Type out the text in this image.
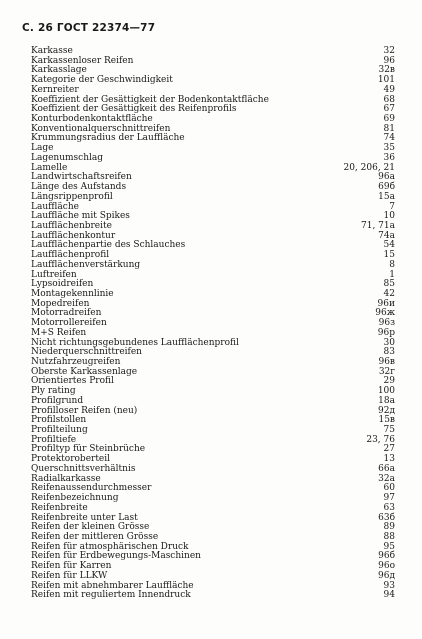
С. 26 ГОСТ 22374—77
Karkasse	32
Karkassenloser Reifen	96
Karkasslage	32в
Kategorie der Geschwindigkeit	101
Kernreiter	49
Koeffizient der Gesättigkeit der Bodenkontaktfläche	68
Koeffizient der Gesättigkeit des Reifenprofils	67
Konturbodenkontaktfläche	69
Konventionalquerschnittreifen	81
Krummungsradius der Lauffläche	74
Lage	35
Lagenumschlag	36
Lamelle	20, 206, 21
Landwirtschaftsreifen	96а
Länge des Aufstands	69б
Längsrippenprofil	15а
Lauffläche	7
Lauffläche mit Spikes	10
Laufflächenbreite	71, 71а
Laufflächenkontur	74а
Laufflächenpartie des Schlauches	54
Laufflächenprofil	15
Laufflächenverstärkung	8
Luftreifen	1
Lypsoidreifen	85
Montagekennlinie	42
Mopedreifen	96и
Motorradreifen	96ж
Motorrollereifen	96з
M+S Reifen	96р
Nicht richtungsgebundenes Laufflächenprofil	30
Niederquerschnittreifen	83
Nutzfahrzeugreifen	96в
Oberste Karkassenlage	32г
Orientiertes Profil	29
Ply rating	100
Profilgrund	18а
Profilloser Reifen (neu)	92д
Profilstollen	15в
Profilteilung	75
Profiltiefe	23, 76
Profiltyp für Steinbrüche	27
Protektoroberteil	13
Querschnittsverhältnis	66а
Radialkarkasse	32а
Reifenaussendurchmesser	60
Reifenbezeichnung	97
Reifenbreite	63
Reifenbreite unter Last	63б
Reifen der kleinen Grösse	89
Reifen der mittleren Grösse	88
Reifen für atmosphärischen Druck	95
Reifen für Erdbewegungs-Maschinen	96б
Reifen für Karren	96о
Reifen für LLKW	96д
Reifen mit abnehmbarer Lauffläche	93
Reifen mit reguliertem Innendruck	94
